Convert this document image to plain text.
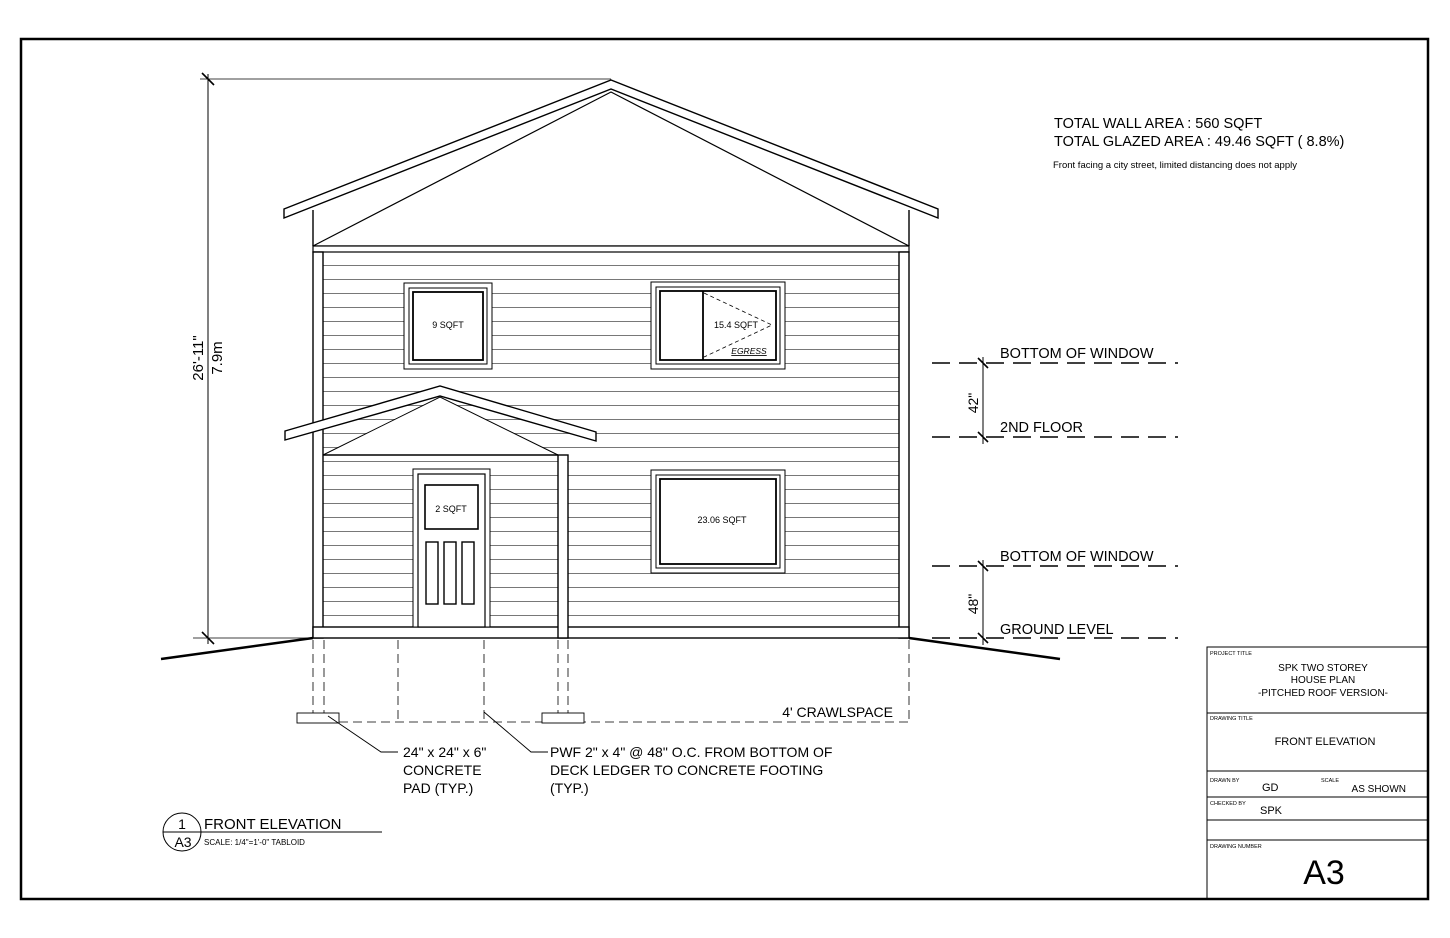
TOTAL WALL AREA : 560 SQFT
TOTAL GLAZED AREA : 49.46 SQFT ( 8.8%)
Front facing a city street, limited distancing does not apply
26'-11" 7.9m
42"
48"
BOTTOM OF WINDOW
2ND FLOOR
BOTTOM OF WINDOW
GROUND LEVEL
9 SQFT	15.4 SQFT
EGRESS
2 SQFT
23.06 SQFT
4' CRAWLSPACE
24" x 24" x 6"
CONCRETE
PAD (TYP.)
PWF 2" x 4" @ 48" O.C. FROM BOTTOM OF
DECK LEDGER TO CONCRETE FOOTING
(TYP.)
1
A3
FRONT ELEVATION
SCALE: 1/4"=1'-0" TABLOID
PROJECT TITLE
SPK TWO STOREY
HOUSE PLAN
-PITCHED ROOF VERSION-
DRAWING TITLE
FRONT ELEVATION
DRAWN BY
GD
SCALE
AS SHOWN
CHECKED BY
SPK
DRAWING NUMBER
A3
